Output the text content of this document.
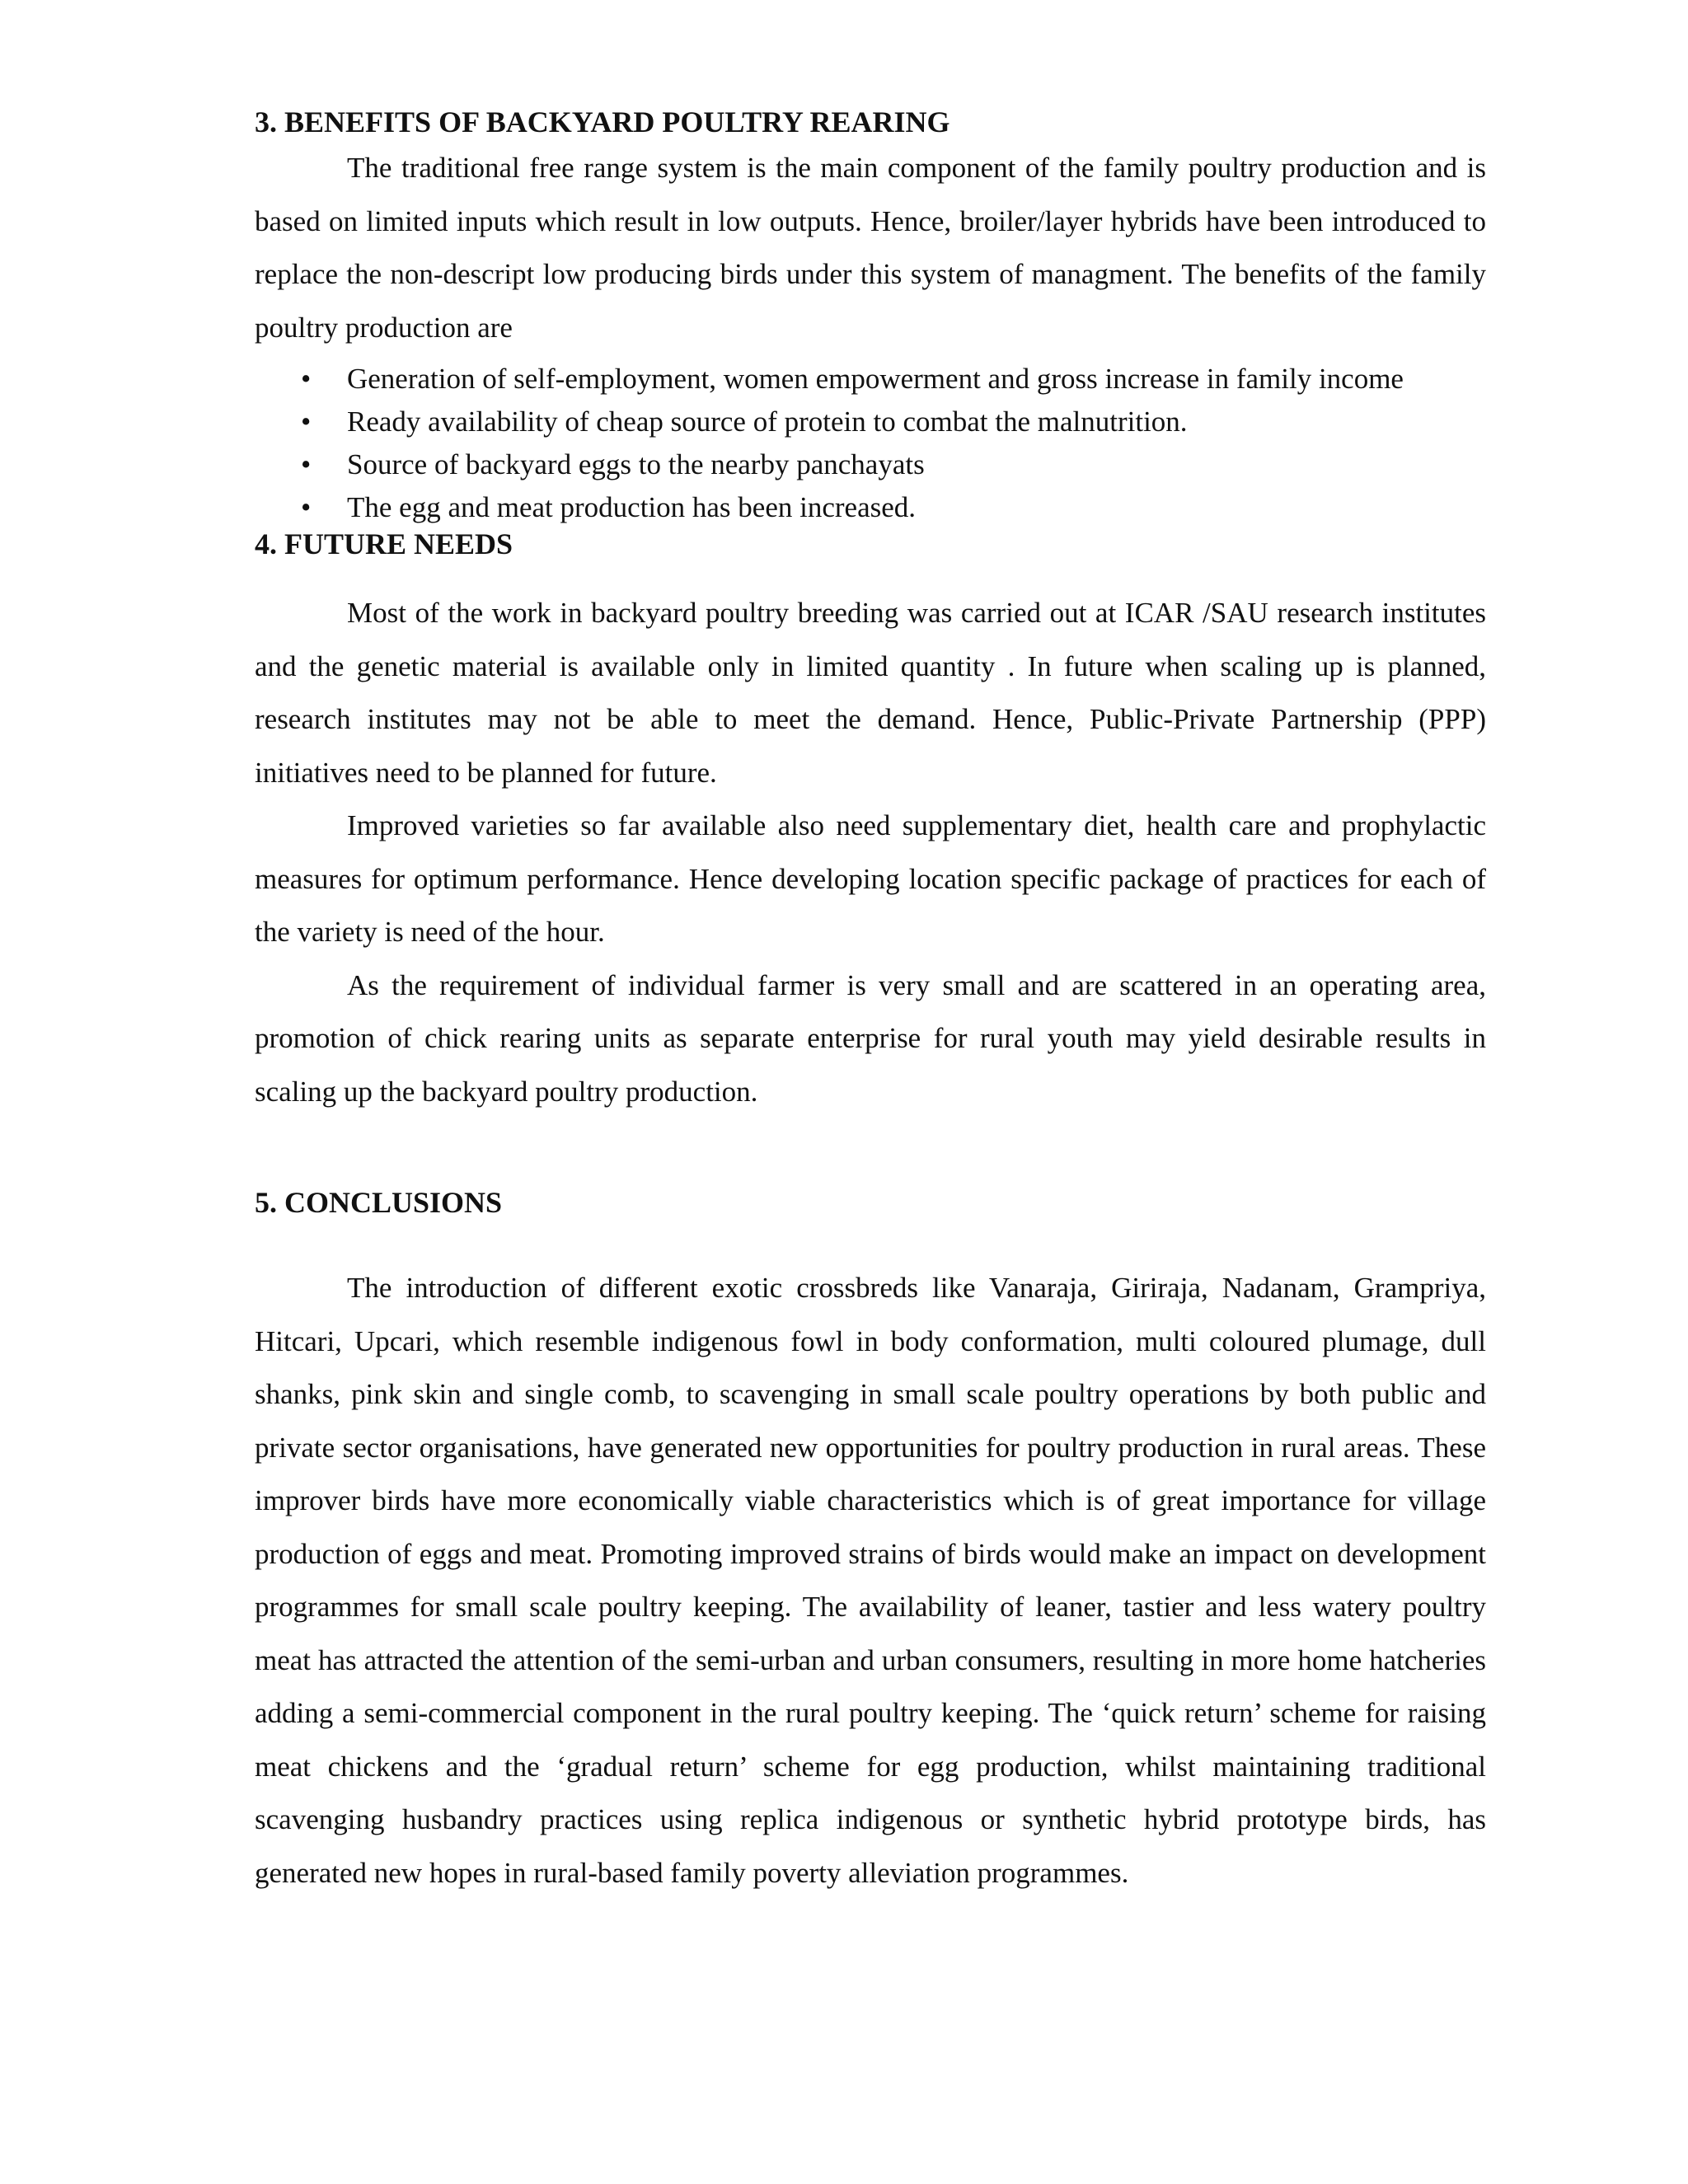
3. BENEFITS OF BACKYARD POULTRY REARING

The traditional free range system is the main component of the family poultry production and is based on limited inputs which result in low outputs. Hence, broiler/layer hybrids have been introduced to replace the non-descript low producing birds under this system of managment. The benefits of the family poultry production are

• Generation of self-employment, women empowerment and gross increase in family income
• Ready availability of cheap source of protein to combat the malnutrition.
• Source of backyard eggs to the nearby panchayats
• The egg and meat production has been increased.
4. FUTURE NEEDS

Most of the work in backyard poultry breeding was carried out at ICAR /SAU research institutes and the genetic material is available only in limited quantity . In future when scaling up is planned, research institutes may not be able to meet the demand. Hence, Public-Private Partnership (PPP) initiatives need to be planned for future.

Improved varieties so far available also need supplementary diet, health care and prophylactic measures for optimum performance. Hence developing location specific package of practices for each of the variety is need of the hour.

As the requirement of individual farmer is very small and are scattered in an operating area, promotion of chick rearing units as separate enterprise for rural youth may yield desirable results in scaling up the backyard poultry production.

5. CONCLUSIONS

The introduction of different exotic crossbreds like Vanaraja, Giriraja, Nadanam, Grampriya, Hitcari, Upcari, which resemble indigenous fowl in body conformation, multi coloured plumage, dull shanks, pink skin and single comb, to scavenging in small scale poultry operations by both public and private sector organisations, have generated new opportunities for poultry production in rural areas. These improver birds have more economically viable characteristics which is of great importance for village production of eggs and meat. Promoting improved strains of birds would make an impact on development programmes for small scale poultry keeping. The availability of leaner, tastier and less watery poultry meat has attracted the attention of the semi-urban and urban consumers, resulting in more home hatcheries adding a semi-commercial component in the rural poultry keeping. The ‘quick return’ scheme for raising meat chickens and the ‘gradual return’ scheme for egg production, whilst maintaining traditional scavenging husbandry practices using replica indigenous or synthetic hybrid prototype birds, has generated new hopes in rural-based family poverty alleviation programmes.
